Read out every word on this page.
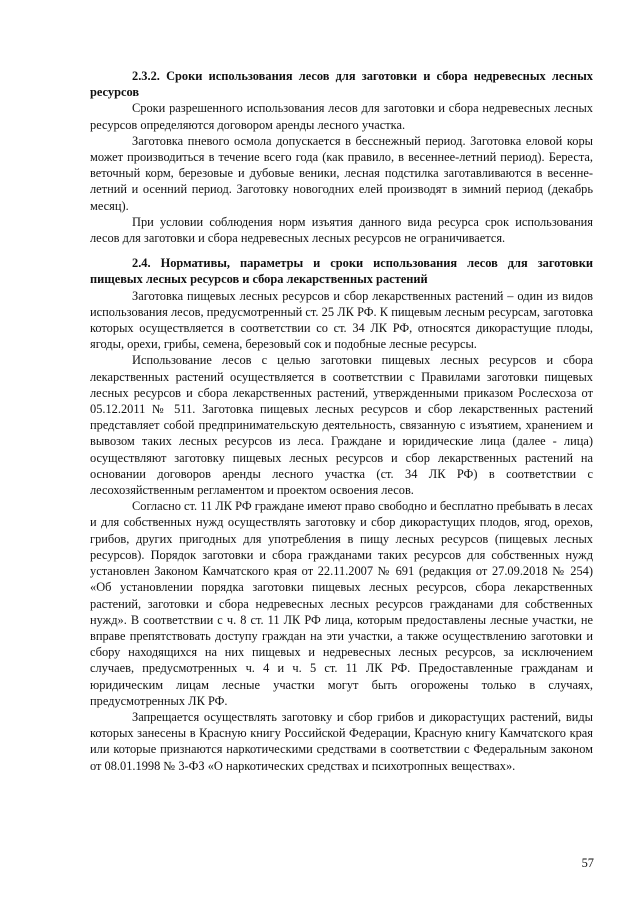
2.3.2. Сроки использования лесов для заготовки и сбора недревесных лесных ресурсов

Сроки разрешенного использования лесов для заготовки и сбора недревесных лесных ресурсов определяются договором аренды лесного участка.

Заготовка пневого осмола допускается в бесснежный период. Заготовка еловой коры может производиться в течение всего года (как правило, в весеннее-летний период). Береста, веточный корм, березовые и дубовые веники, лесная подстилка заготавливаются в весенне-летний и осенний период. Заготовку новогодних елей производят в зимний период (декабрь месяц).

При условии соблюдения норм изъятия данного вида ресурса срок использования лесов для заготовки и сбора недревесных лесных ресурсов не ограничивается.

2.4. Нормативы, параметры и сроки использования лесов для заготовки пищевых лесных ресурсов и сбора лекарственных растений

Заготовка пищевых лесных ресурсов и сбор лекарственных растений – один из видов использования лесов, предусмотренный ст. 25 ЛК РФ. К пищевым лесным ресурсам, заготовка которых осуществляется в соответствии со ст. 34 ЛК РФ, относятся дикорастущие плоды, ягоды, орехи, грибы, семена, березовый сок и подобные лесные ресурсы.

Использование лесов с целью заготовки пищевых лесных ресурсов и сбора лекарственных растений осуществляется в соответствии с Правилами заготовки пищевых лесных ресурсов и сбора лекарственных растений, утвержденными приказом Рослесхоза от 05.12.2011 № 511. Заготовка пищевых лесных ресурсов и сбор лекарственных растений представляет собой предпринимательскую деятельность, связанную с изъятием, хранением и вывозом таких лесных ресурсов из леса. Граждане и юридические лица (далее - лица) осуществляют заготовку пищевых лесных ресурсов и сбор лекарственных растений на основании договоров аренды лесного участка (ст. 34 ЛК РФ) в соответствии с лесохозяйственным регламентом и проектом освоения лесов.

Согласно ст. 11 ЛК РФ граждане имеют право свободно и бесплатно пребывать в лесах и для собственных нужд осуществлять заготовку и сбор дикорастущих плодов, ягод, орехов, грибов, других пригодных для употребления в пищу лесных ресурсов (пищевых лесных ресурсов). Порядок заготовки и сбора гражданами таких ресурсов для собственных нужд установлен Законом Камчатского края от 22.11.2007 № 691 (редакция от 27.09.2018 № 254) «Об установлении порядка заготовки пищевых лесных ресурсов, сбора лекарственных растений, заготовки и сбора недревесных лесных ресурсов гражданами для собственных нужд». В соответствии с ч. 8 ст. 11 ЛК РФ лица, которым предоставлены лесные участки, не вправе препятствовать доступу граждан на эти участки, а также осуществлению заготовки и сбору находящихся на них пищевых и недревесных лесных ресурсов, за исключением случаев, предусмотренных ч. 4 и ч. 5 ст. 11 ЛК РФ. Предоставленные гражданам и юридическим лицам лесные участки могут быть огорожены только в случаях, предусмотренных ЛК РФ.

Запрещается осуществлять заготовку и сбор грибов и дикорастущих растений, виды которых занесены в Красную книгу Российской Федерации, Красную книгу Камчатского края или которые признаются наркотическими средствами в соответствии с Федеральным законом от 08.01.1998 № 3-ФЗ «О наркотических средствах и психотропных веществах».

57
